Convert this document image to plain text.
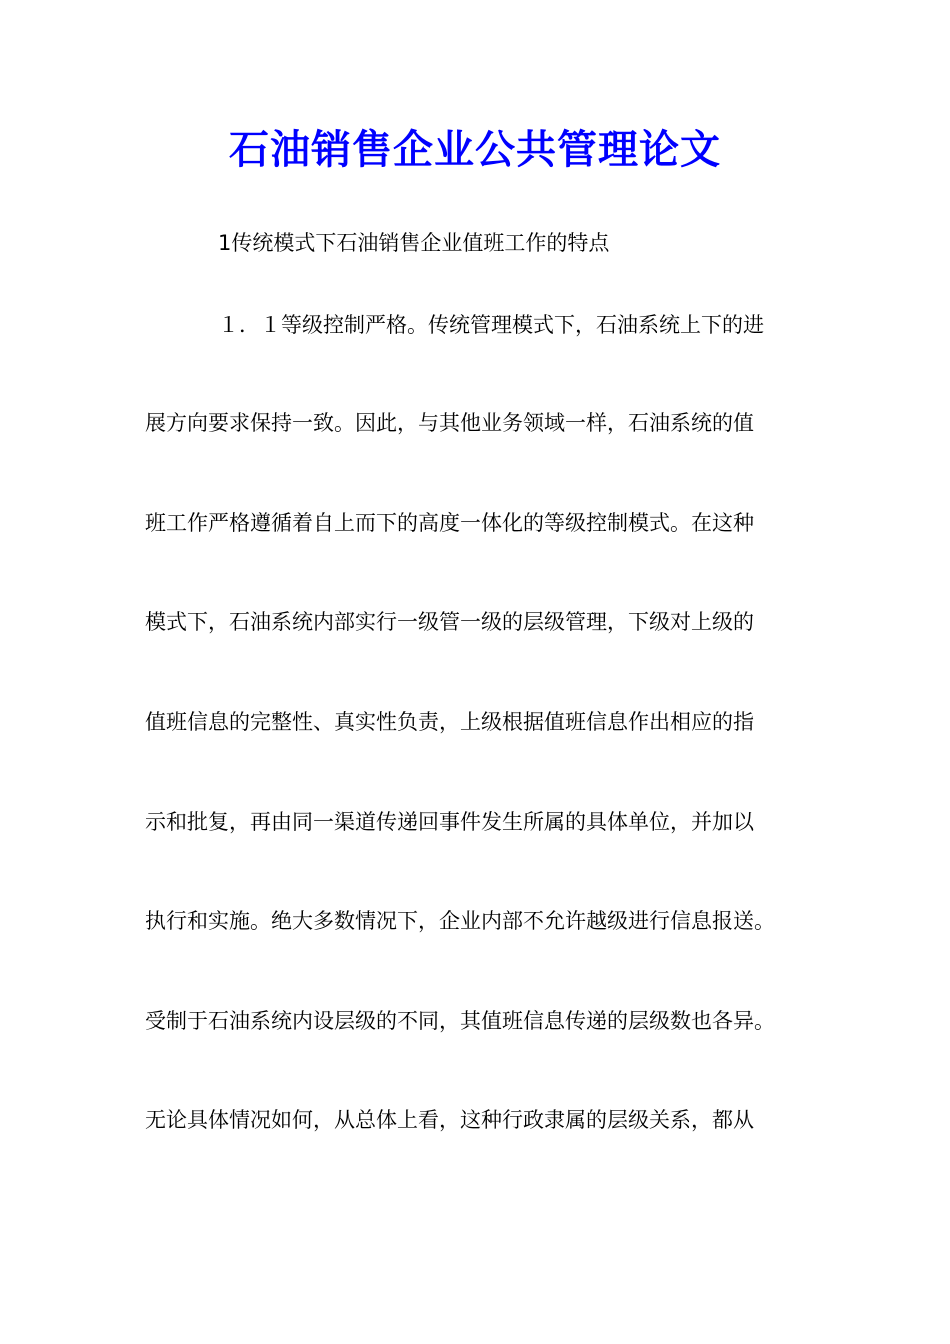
石油销售企业公共管理论文
1传统模式下石油销售企业值班工作的特点
１．１等级控制严格。传统管理模式下，石油系统上下的进
展方向要求保持一致。因此，与其他业务领域一样，石油系统的值
班工作严格遵循着自上而下的高度一体化的等级控制模式。在这种
模式下，石油系统内部实行一级管一级的层级管理，下级对上级的
值班信息的完整性、真实性负责，上级根据值班信息作出相应的指
示和批复，再由同一渠道传递回事件发生所属的具体单位，并加以
执行和实施。绝大多数情况下，企业内部不允许越级进行信息报送。
受制于石油系统内设层级的不同，其值班信息传递的层级数也各异。
无论具体情况如何，从总体上看，这种行政隶属的层级关系，都从
